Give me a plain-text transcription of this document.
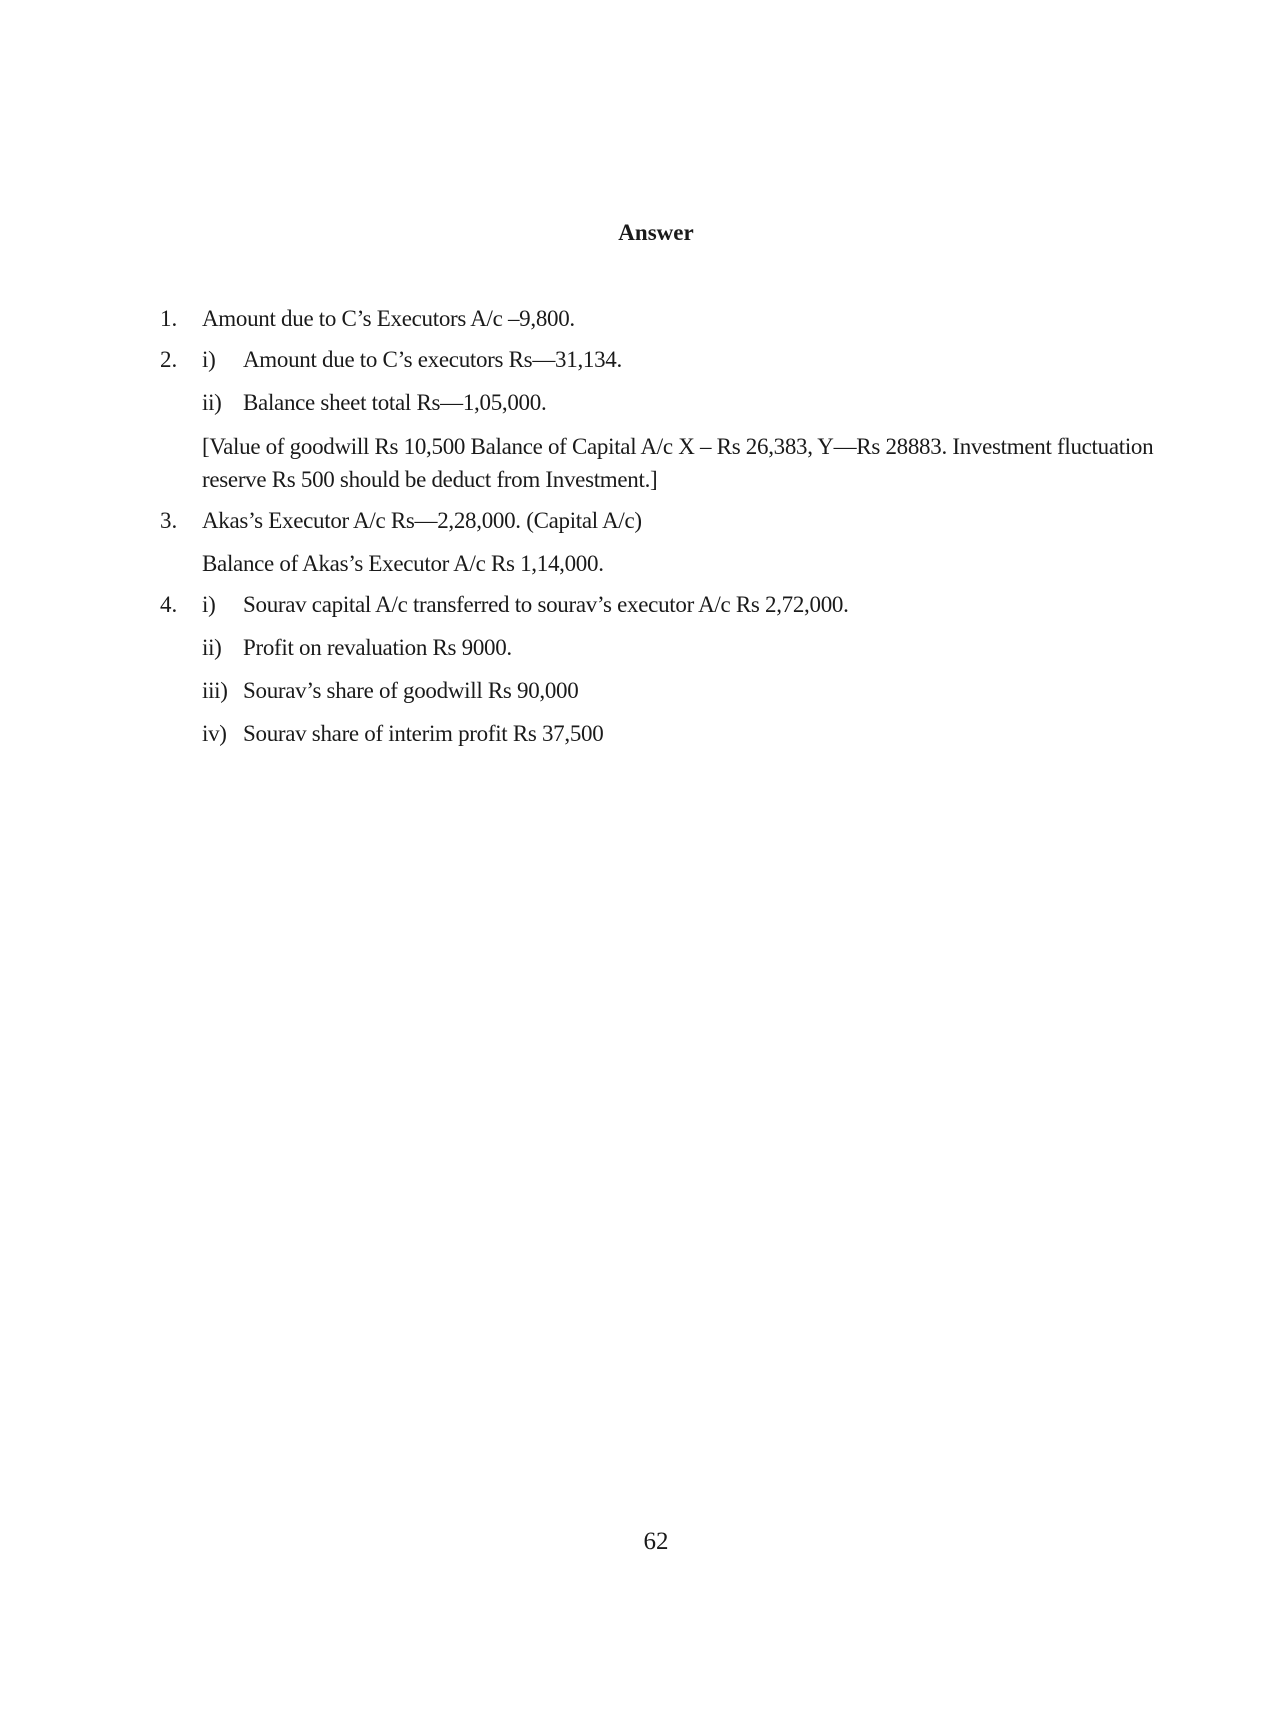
Answer
1. Amount due to C’s Executors A/c –9,800.
2. i) Amount due to C’s executors Rs—31,134.
ii) Balance sheet total Rs—1,05,000.
[Value of goodwill Rs 10,500 Balance of Capital A/c X – Rs 26,383, Y—Rs 28883. Investment fluctuation reserve Rs 500 should be deduct from Investment.]
3. Akas’s Executor A/c Rs—2,28,000. (Capital A/c)
Balance of Akas’s Executor A/c Rs 1,14,000.
4. i) Sourav capital A/c transferred to sourav’s executor A/c Rs 2,72,000.
ii) Profit on revaluation Rs 9000.
iii) Sourav’s share of goodwill Rs 90,000
iv) Sourav share of interim profit Rs 37,500
62
